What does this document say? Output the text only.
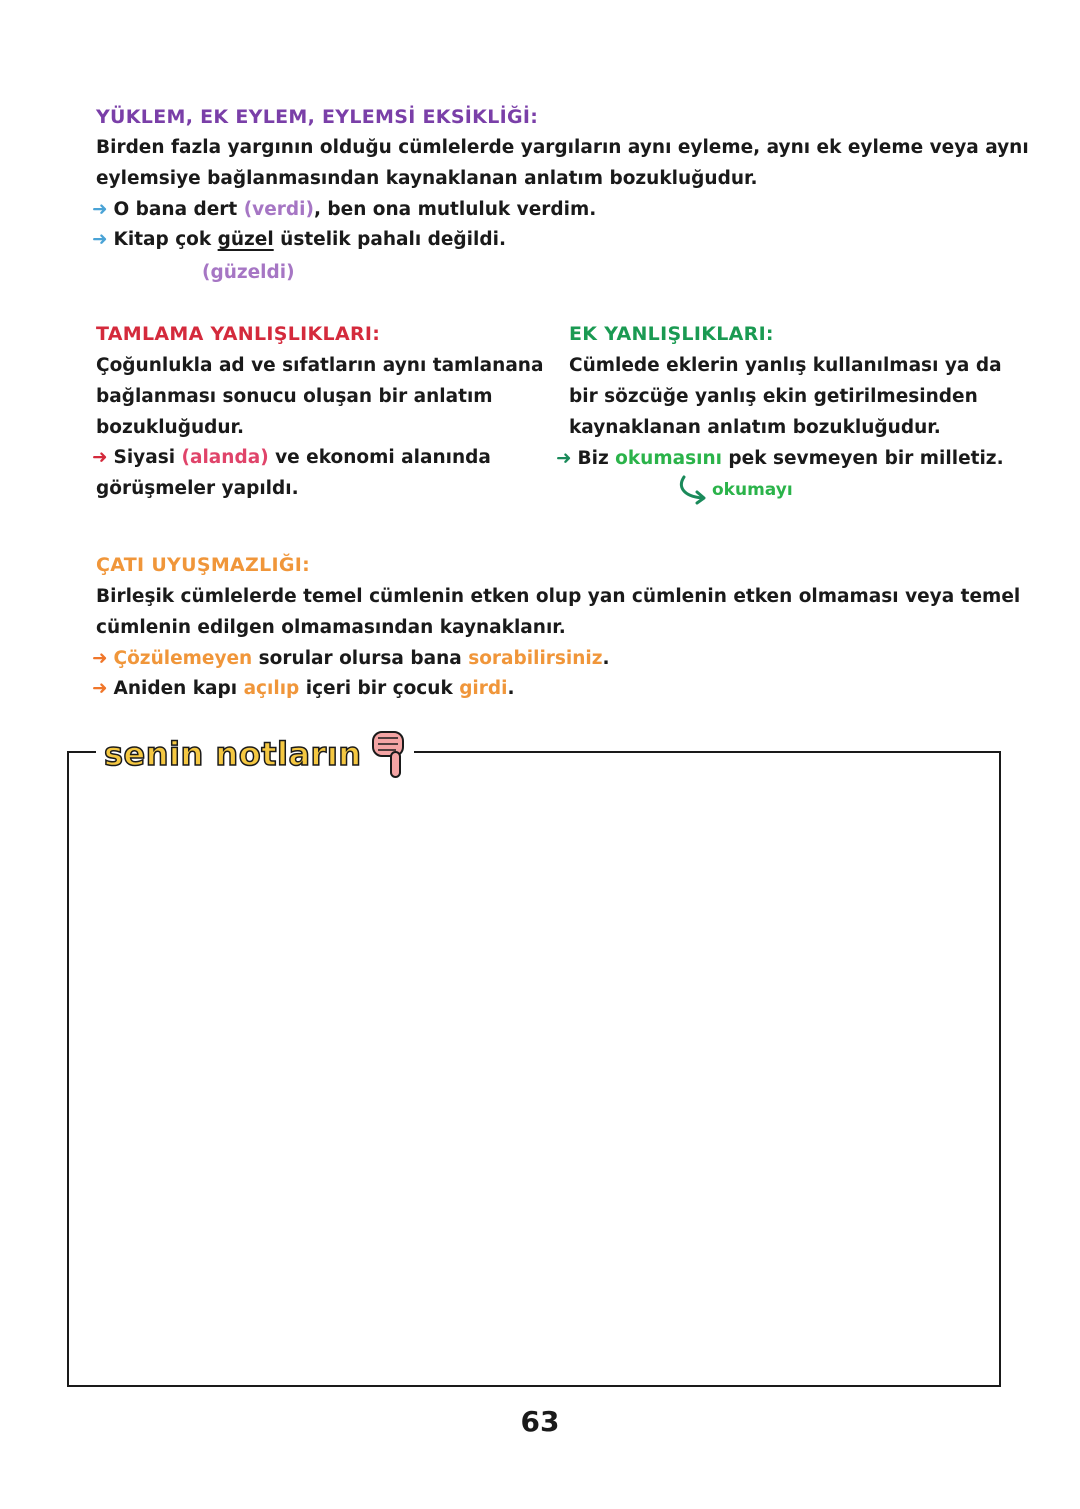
YÜKLEM, EK EYLEM, EYLEMSİ EKSİKLİĞİ:
Birden fazla yargının olduğu cümlelerde yargıların aynı eyleme, aynı ek eyleme veya aynı
eylemsiye bağlanmasından kaynaklanan anlatım bozukluğudur.
➜ O bana dert (verdi), ben ona mutluluk verdim.
➜ Kitap çok güzel üstelik pahalı değildi.
(güzeldi)
TAMLAMA YANLIŞLIKLARI:
Çoğunlukla ad ve sıfatların aynı tamlanana
bağlanması sonucu oluşan bir anlatım
bozukluğudur.
➜ Siyasi (alanda) ve ekonomi alanında
görüşmeler yapıldı.
EK YANLIŞLIKLARI:
Cümlede eklerin yanlış kullanılması ya da
bir sözcüğe yanlış ekin getirilmesinden
kaynaklanan anlatım bozukluğudur.
➜ Biz okumasını pek sevmeyen bir milletiz.
okumayı
ÇATI UYUŞMAZLIĞI:
Birleşik cümlelerde temel cümlenin etken olup yan cümlenin etken olmaması veya temel
cümlenin edilgen olmamasından kaynaklanır.
➜ Çözülemeyen sorular olursa bana sorabilirsiniz.
➜ Aniden kapı açılıp içeri bir çocuk girdi.
senin notların
63
